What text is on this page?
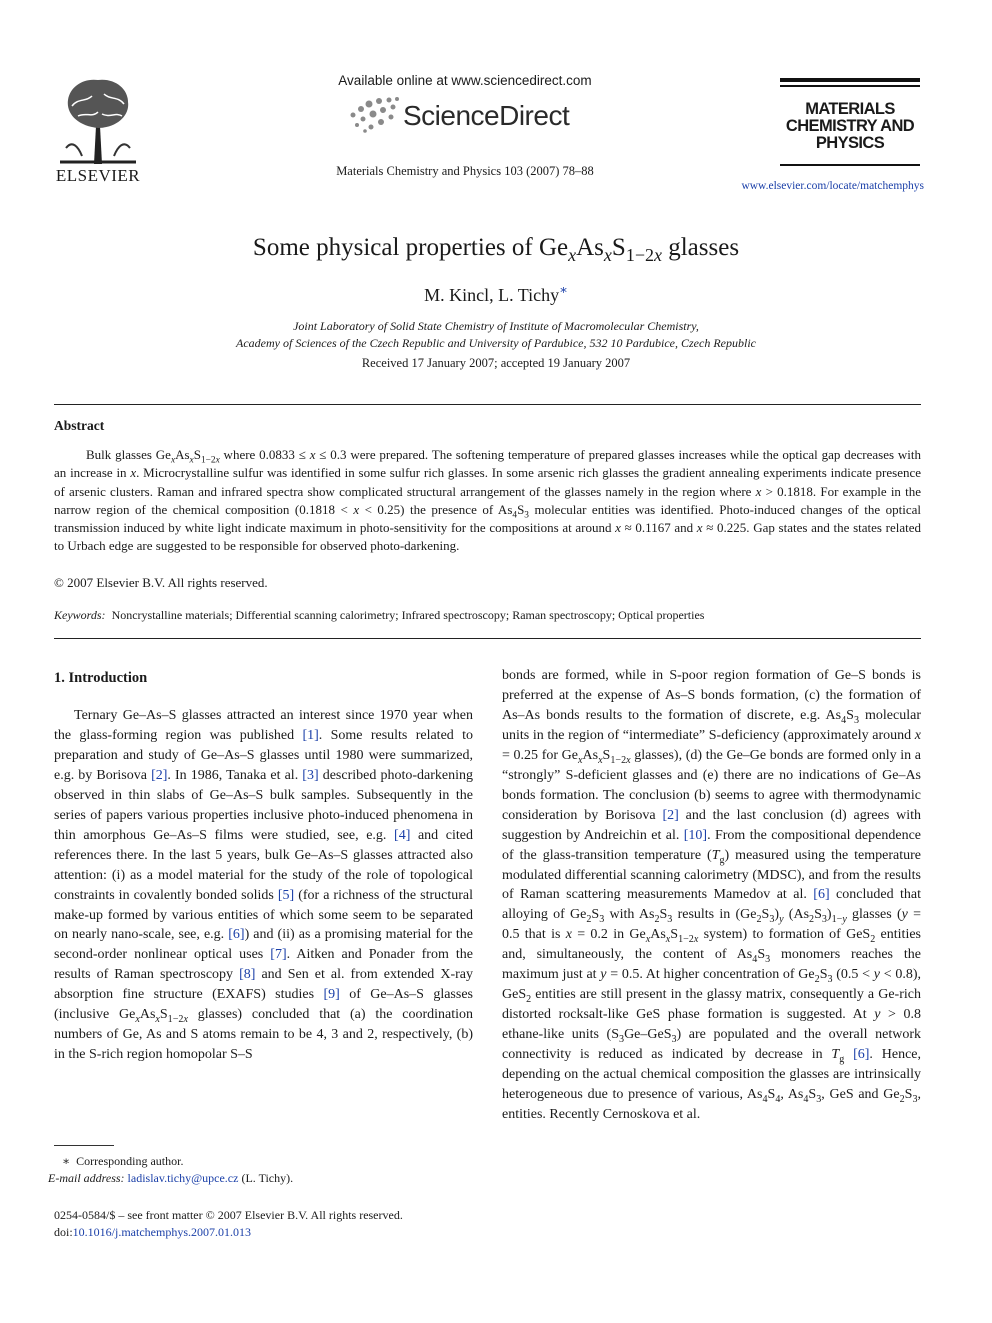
ELSEVIER
Available online at www.sciencedirect.com
ScienceDirect
Materials Chemistry and Physics 103 (2007) 78–88
MATERIALS
CHEMISTRY AND
PHYSICS
www.elsevier.com/locate/matchemphys
Some physical properties of $Ge_xAs_xS_{1-2x}$ glasses
M. Kincl, L. Tichy∗
Joint Laboratory of Solid State Chemistry of Institute of Macromolecular Chemistry,
Academy of Sciences of the Czech Republic and University of Pardubice, 532 10 Pardubice, Czech Republic
Received 17 January 2007; accepted 19 January 2007
Abstract
Bulk glasses $Ge_xAs_xS_{1-2x}$ where 0.0833 ≤ x ≤ 0.3 were prepared. The softening temperature of prepared glasses increases while the optical gap decreases with an increase in x. Microcrystalline sulfur was identified in some sulfur rich glasses. In some arsenic rich glasses the gradient annealing experiments indicate presence of arsenic clusters. Raman and infrared spectra show complicated structural arrangement of the glasses namely in the region where x > 0.1818. For example in the narrow region of the chemical composition (0.1818 < x < 0.25) the presence of $As_4S_3$ molecular entities was identified. Photo-induced changes of the optical transmission induced by white light indicate maximum in photo-sensitivity for the compositions at around x ≈ 0.1167 and x ≈ 0.225. Gap states and the states related to Urbach edge are suggested to be responsible for observed photo-darkening.
© 2007 Elsevier B.V. All rights reserved.
Keywords: Noncrystalline materials; Differential scanning calorimetry; Infrared spectroscopy; Raman spectroscopy; Optical properties
1. Introduction
Ternary Ge–As–S glasses attracted an interest since 1970 year when the glass-forming region was published [1]. Some results related to preparation and study of Ge–As–S glasses until 1980 were summarized, e.g. by Borisova [2]. In 1986, Tanaka et al. [3] described photo-darkening observed in thin slabs of Ge–As–S bulk samples. Subsequently in the series of papers various properties inclusive photo-induced phenomena in thin amorphous Ge–As–S films were studied, see, e.g. [4] and cited references there. In the last 5 years, bulk Ge–As–S glasses attracted also attention: (i) as a model material for the study of the role of topological constraints in covalently bonded solids [5] (for a richness of the structural make-up formed by various entities of which some seem to be separated on nearly nano-scale, see, e.g. [6]) and (ii) as a promising material for the second-order nonlinear optical uses [7]. Aitken and Ponader from the results of Raman spectroscopy [8] and Sen et al. from extended X-ray absorption fine structure (EXAFS) studies [9] of Ge–As–S glasses (inclusive $Ge_xAs_xS_{1-2x}$ glasses) concluded that (a) the coordination numbers of Ge, As and S atoms remain to be 4, 3 and 2, respectively, (b) in the S-rich region homopolar S–S
bonds are formed, while in S-poor region formation of Ge–S bonds is preferred at the expense of As–S bonds formation, (c) the formation of As–As bonds results to the formation of discrete, e.g. $As_4S_3$ molecular units in the region of “intermediate” S-deficiency (approximately around x = 0.25 for $Ge_xAs_xS_{1-2x}$ glasses), (d) the Ge–Ge bonds are formed only in a “strongly” S-deficient glasses and (e) there are no indications of Ge–As bonds formation. The conclusion (b) seems to agree with thermodynamic consideration by Borisova [2] and the last conclusion (d) agrees with suggestion by Andreichin et al. [10]. From the compositional dependence of the glass-transition temperature $(T_g)$ measured using the temperature modulated differential scanning calorimetry (MDSC), and from the results of Raman scattering measurements Mamedov at al. [6] concluded that alloying of $Ge_2S_3$ with $As_2S_3$ results in $(Ge_2S_3)_y$ $(As_2S_3)_{1-y}$ glasses (y = 0.5 that is x = 0.2 in $Ge_xAs_xS_{1-2x}$ system) to formation of GeS$_2$ entities and, simultaneously, the content of $As_4S_3$ monomers reaches the maximum just at y = 0.5. At higher concentration of $Ge_2S_3$ (0.5 < y < 0.8), GeS$_2$ entities are still present in the glassy matrix, consequently a Ge-rich distorted rocksalt-like GeS phase formation is suggested. At y > 0.8 ethane-like units $(S_3Ge-GeS_3)$ are populated and the overall network connectivity is reduced as indicated by decrease in $T_g$ [6]. Hence, depending on the actual chemical composition the glasses are intrinsically heterogeneous due to presence of various, $As_4S_4$, $As_4S_3$, GeS and $Ge_2S_3$, entities. Recently Cernoskova et al.
∗ Corresponding author.
E-mail address: ladislav.tichy@upce.cz (L. Tichy).
0254-0584/$ – see front matter © 2007 Elsevier B.V. All rights reserved.
doi:10.1016/j.matchemphys.2007.01.013
